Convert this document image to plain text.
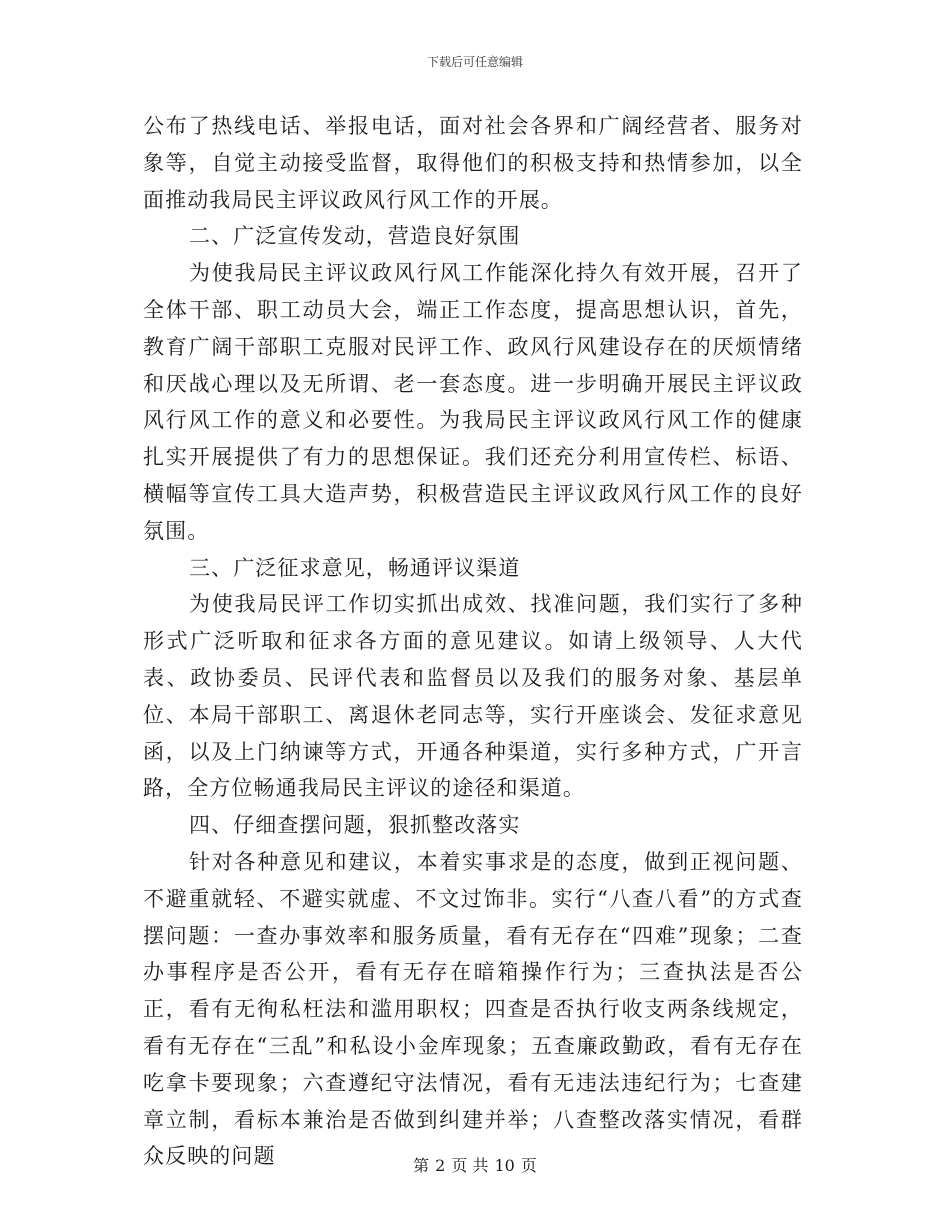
下载后可任意编辑

公布了热线电话、举报电话，面对社会各界和广阔经营者、服务对象等，自觉主动接受监督，取得他们的积极支持和热情参加，以全面推动我局民主评议政风行风工作的开展。

二、广泛宣传发动，营造良好氛围

为使我局民主评议政风行风工作能深化持久有效开展，召开了全体干部、职工动员大会，端正工作态度，提高思想认识，首先，教育广阔干部职工克服对民评工作、政风行风建设存在的厌烦情绪和厌战心理以及无所谓、老一套态度。进一步明确开展民主评议政风行风工作的意义和必要性。为我局民主评议政风行风工作的健康扎实开展提供了有力的思想保证。我们还充分利用宣传栏、标语、横幅等宣传工具大造声势，积极营造民主评议政风行风工作的良好氛围。

三、广泛征求意见，畅通评议渠道

为使我局民评工作切实抓出成效、找准问题，我们实行了多种形式广泛听取和征求各方面的意见建议。如请上级领导、人大代表、政协委员、民评代表和监督员以及我们的服务对象、基层单位、本局干部职工、离退休老同志等，实行开座谈会、发征求意见函，以及上门纳谏等方式，开通各种渠道，实行多种方式，广开言路，全方位畅通我局民主评议的途径和渠道。

四、仔细查摆问题，狠抓整改落实

针对各种意见和建议，本着实事求是的态度，做到正视问题、不避重就轻、不避实就虚、不文过饰非。实行“八查八看”的方式查摆问题：一查办事效率和服务质量，看有无存在“四难”现象；二查办事程序是否公开，看有无存在暗箱操作行为；三查执法是否公正，看有无徇私枉法和滥用职权；四查是否执行收支两条线规定，看有无存在“三乱”和私设小金库现象；五查廉政勤政，看有无存在吃拿卡要现象；六查遵纪守法情况，看有无违法违纪行为；七查建章立制，看标本兼治是否做到纠建并举；八查整改落实情况，看群众反映的问题	第 2 页 共 10 页
